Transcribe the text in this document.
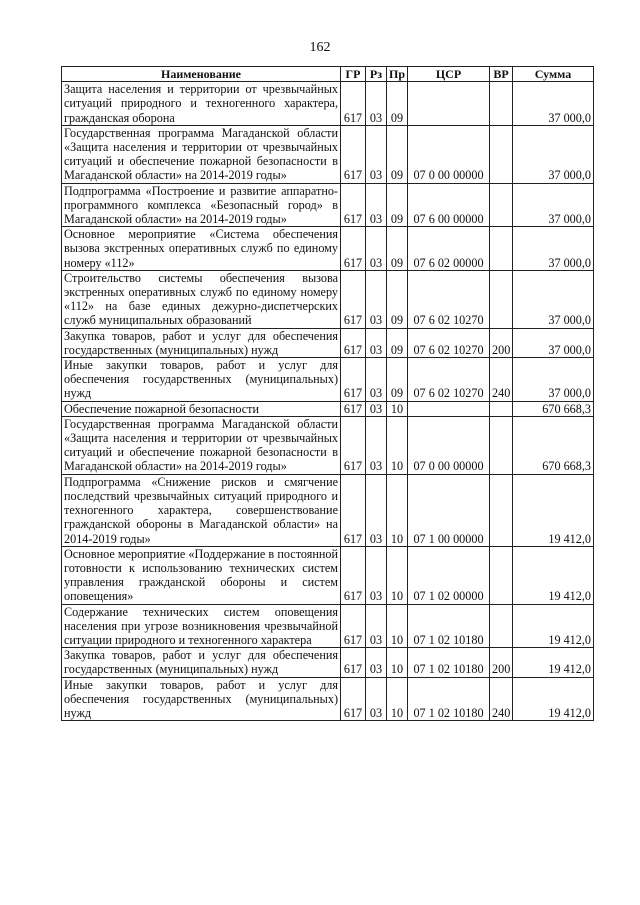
162
Наименование	ГР	Рз	Пр	ЦСР	ВР	Сумма
Защита населения и территории от чрезвычайных ситуаций природного и техногенного характера, гражданская оборона	617	03	09			37 000,0
Государственная программа Магаданской области «Защита населения и территории от чрезвычайных ситуаций и обеспечение пожарной безопасности в Магаданской области» на 2014-2019 годы»	617	03	09	07 0 00 00000		37 000,0
Подпрограмма «Построение и развитие аппаратно-программного комплекса «Безопасный город» в Магаданской области» на 2014-2019 годы»	617	03	09	07 6 00 00000		37 000,0
Основное мероприятие «Система обеспечения вызова экстренных оперативных служб по единому номеру «112»	617	03	09	07 6 02 00000		37 000,0
Строительство системы обеспечения вызова экстренных оперативных служб по единому номеру «112» на базе единых дежурно-диспетчерских служб муниципальных образований	617	03	09	07 6 02 10270		37 000,0
Закупка товаров, работ и услуг для обеспечения государственных (муниципальных) нужд	617	03	09	07 6 02 10270	200	37 000,0
Иные закупки товаров, работ и услуг для обеспечения государственных (муниципальных) нужд	617	03	09	07 6 02 10270	240	37 000,0
Обеспечение пожарной безопасности	617	03	10			670 668,3
Государственная программа Магаданской области «Защита населения и территории от чрезвычайных ситуаций и обеспечение пожарной безопасности в Магаданской области» на 2014-2019 годы»	617	03	10	07 0 00 00000		670 668,3
Подпрограмма «Снижение рисков и смягчение последствий чрезвычайных ситуаций природного и техногенного характера, совершенствование гражданской обороны в Магаданской области» на 2014-2019 годы»	617	03	10	07 1 00 00000		19 412,0
Основное мероприятие «Поддержание в постоянной готовности к использованию технических систем управления гражданской обороны и систем оповещения»	617	03	10	07 1 02 00000		19 412,0
Содержание технических систем оповещения населения при угрозе возникновения чрезвычайной ситуации природного и техногенного характера	617	03	10	07 1 02 10180		19 412,0
Закупка товаров, работ и услуг для обеспечения государственных (муниципальных) нужд	617	03	10	07 1 02 10180	200	19 412,0
Иные закупки товаров, работ и услуг для обеспечения государственных (муниципальных) нужд	617	03	10	07 1 02 10180	240	19 412,0
